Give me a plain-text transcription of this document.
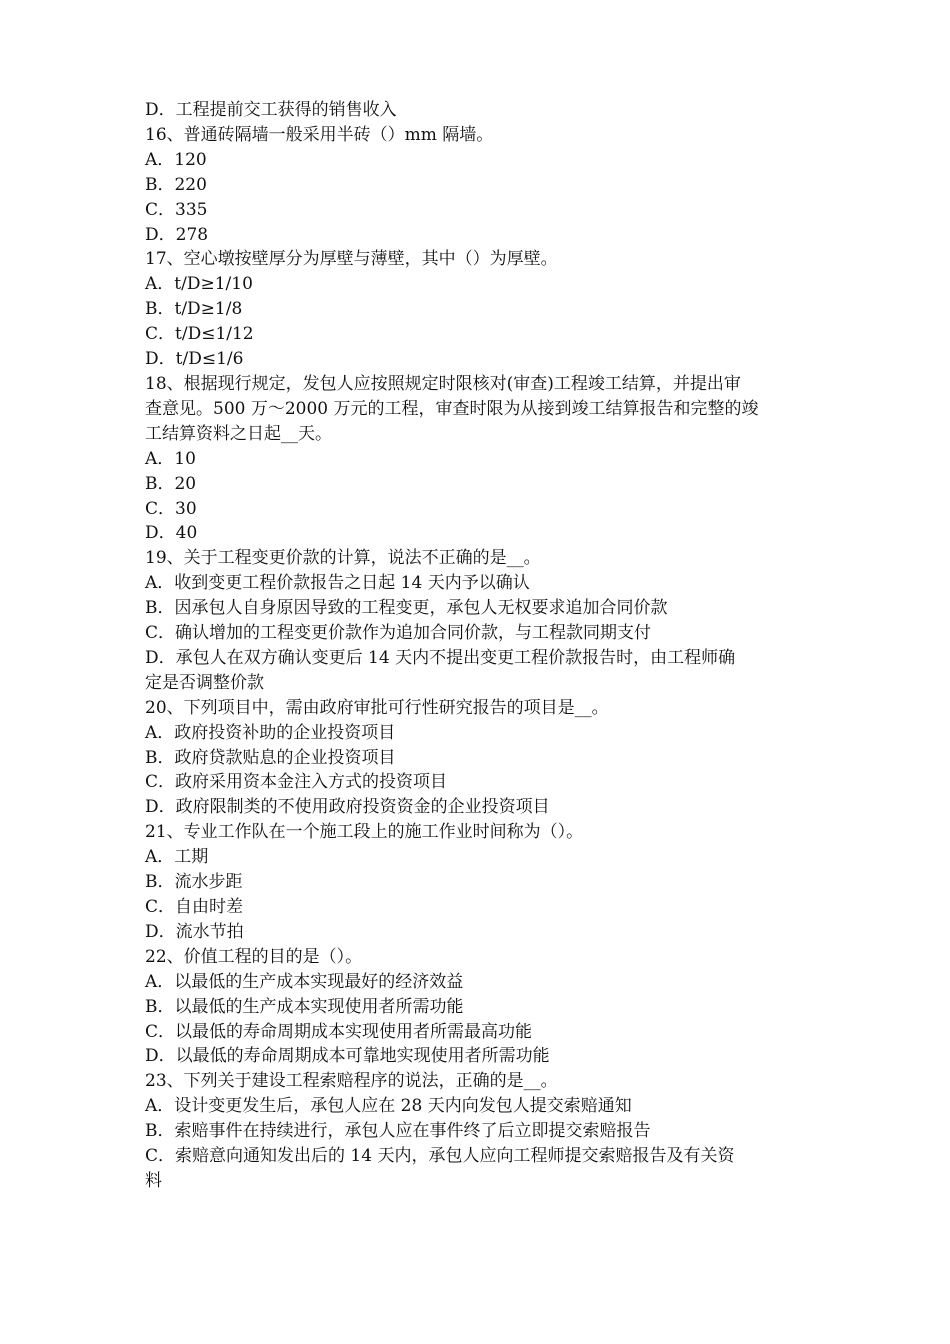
D．工程提前交工获得的销售收入
16、普通砖隔墙一般采用半砖（）mm 隔墙。
A．120
B．220
C．335
D．278
17、空心墩按壁厚分为厚壁与薄壁，其中（）为厚壁。
A．t/D≥1/10
B．t/D≥1/8
C．t/D≤1/12
D．t/D≤1/6
18、根据现行规定，发包人应按照规定时限核对(审查)工程竣工结算，并提出审
查意见。500 万～2000 万元的工程，审查时限为从接到竣工结算报告和完整的竣
工结算资料之日起__天。
A．10
B．20
C．30
D．40
19、关于工程变更价款的计算，说法不正确的是__。
A．收到变更工程价款报告之日起 14 天内予以确认
B．因承包人自身原因导致的工程变更，承包人无权要求追加合同价款
C．确认增加的工程变更价款作为追加合同价款，与工程款同期支付
D．承包人在双方确认变更后 14 天内不提出变更工程价款报告时，由工程师确
定是否调整价款
20、下列项目中，需由政府审批可行性研究报告的项目是__。
A．政府投资补助的企业投资项目
B．政府贷款贴息的企业投资项目
C．政府采用资本金注入方式的投资项目
D．政府限制类的不使用政府投资资金的企业投资项目
21、专业工作队在一个施工段上的施工作业时间称为（）。
A．工期
B．流水步距
C．自由时差
D．流水节拍
22、价值工程的目的是（）。
A．以最低的生产成本实现最好的经济效益
B．以最低的生产成本实现使用者所需功能
C．以最低的寿命周期成本实现使用者所需最高功能
D．以最低的寿命周期成本可靠地实现使用者所需功能
23、下列关于建设工程索赔程序的说法，正确的是__。
A．设计变更发生后，承包人应在 28 天内向发包人提交索赔通知
B．索赔事件在持续进行，承包人应在事件终了后立即提交索赔报告
C．索赔意向通知发出后的 14 天内，承包人应向工程师提交索赔报告及有关资
料
